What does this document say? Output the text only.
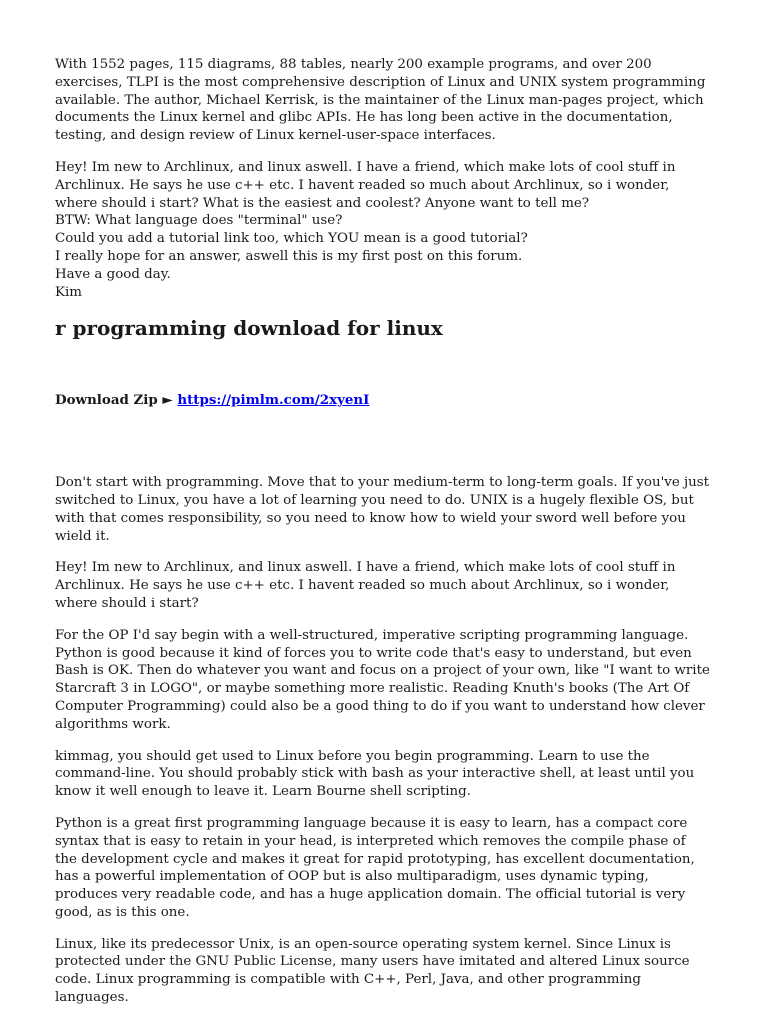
With 1552 pages, 115 diagrams, 88 tables, nearly 200 example programs, and over 200 exercises, TLPI is the most comprehensive description of Linux and UNIX system programming available. The author, Michael Kerrisk, is the maintainer of the Linux man-pages project, which documents the Linux kernel and glibc APIs. He has long been active in the documentation, testing, and design review of Linux kernel-user-space interfaces.

Hey! Im new to Archlinux, and linux aswell. I have a friend, which make lots of cool stuff in Archlinux. He says he use c++ etc. I havent readed so much about Archlinux, so i wonder, where should i start? What is the easiest and coolest? Anyone want to tell me?
BTW: What language does "terminal" use?
Could you add a tutorial link too, which YOU mean is a good tutorial?
I really hope for an answer, aswell this is my first post on this forum.
Have a good day.
Kim
r programming download for linux

Download Zip ► https://pimlm.com/2xyenI

Don't start with programming. Move that to your medium-term to long-term goals. If you've just switched to Linux, you have a lot of learning you need to do. UNIX is a hugely flexible OS, but with that comes responsibility, so you need to know how to wield your sword well before you wield it.

Hey! Im new to Archlinux, and linux aswell. I have a friend, which make lots of cool stuff in Archlinux. He says he use c++ etc. I havent readed so much about Archlinux, so i wonder, where should i start?

For the OP I'd say begin with a well-structured, imperative scripting programming language. Python is good because it kind of forces you to write code that's easy to understand, but even Bash is OK. Then do whatever you want and focus on a project of your own, like "I want to write Starcraft 3 in LOGO", or maybe something more realistic. Reading Knuth's books (The Art Of Computer Programming) could also be a good thing to do if you want to understand how clever algorithms work.

kimmag, you should get used to Linux before you begin programming. Learn to use the command-line. You should probably stick with bash as your interactive shell, at least until you know it well enough to leave it. Learn Bourne shell scripting.

Python is a great first programming language because it is easy to learn, has a compact core syntax that is easy to retain in your head, is interpreted which removes the compile phase of the development cycle and makes it great for rapid prototyping, has excellent documentation, has a powerful implementation of OOP but is also multiparadigm, uses dynamic typing, produces very readable code, and has a huge application domain. The official tutorial is very good, as is this one.

Linux, like its predecessor Unix, is an open-source operating system kernel. Since Linux is protected under the GNU Public License, many users have imitated and altered Linux source code. Linux programming is compatible with C++, Perl, Java, and other programming languages.
